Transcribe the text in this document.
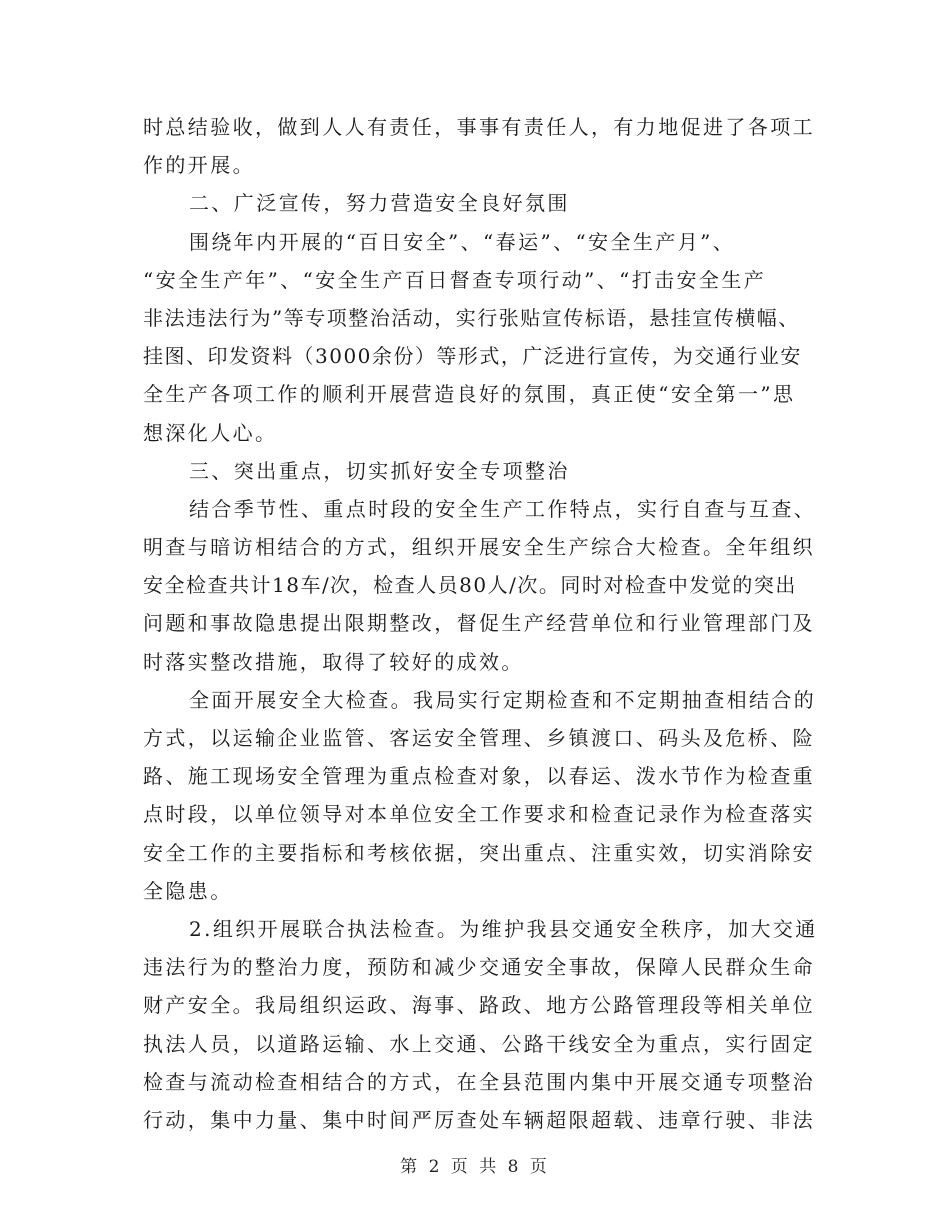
时总结验收，做到人人有责任，事事有责任人，有力地促进了各项工
作的开展。
二、广泛宣传，努力营造安全良好氛围
围绕年内开展的“百日安全”、“春运”、“安全生产月”、
“安全生产年”、“安全生产百日督查专项行动”、“打击安全生产
非法违法行为”等专项整治活动，实行张贴宣传标语，悬挂宣传横幅、
挂图、印发资料（3000余份）等形式，广泛进行宣传，为交通行业安
全生产各项工作的顺利开展营造良好的氛围，真正使“安全第一”思
想深化人心。
三、突出重点，切实抓好安全专项整治
结合季节性、重点时段的安全生产工作特点，实行自查与互查、
明查与暗访相结合的方式，组织开展安全生产综合大检查。全年组织
安全检查共计18车/次，检查人员80人/次。同时对检查中发觉的突出
问题和事故隐患提出限期整改，督促生产经营单位和行业管理部门及
时落实整改措施，取得了较好的成效。
全面开展安全大检查。我局实行定期检查和不定期抽查相结合的
方式，以运输企业监管、客运安全管理、乡镇渡口、码头及危桥、险
路、施工现场安全管理为重点检查对象，以春运、泼水节作为检查重
点时段，以单位领导对本单位安全工作要求和检查记录作为检查落实
安全工作的主要指标和考核依据，突出重点、注重实效，切实消除安
全隐患。
2.组织开展联合执法检查。为维护我县交通安全秩序，加大交通
违法行为的整治力度，预防和减少交通安全事故，保障人民群众生命
财产安全。我局组织运政、海事、路政、地方公路管理段等相关单位
执法人员，以道路运输、水上交通、公路干线安全为重点，实行固定
检查与流动检查相结合的方式，在全县范围内集中开展交通专项整治
行动，集中力量、集中时间严厉查处车辆超限超载、违章行驶、非法
第 2 页 共 8 页
